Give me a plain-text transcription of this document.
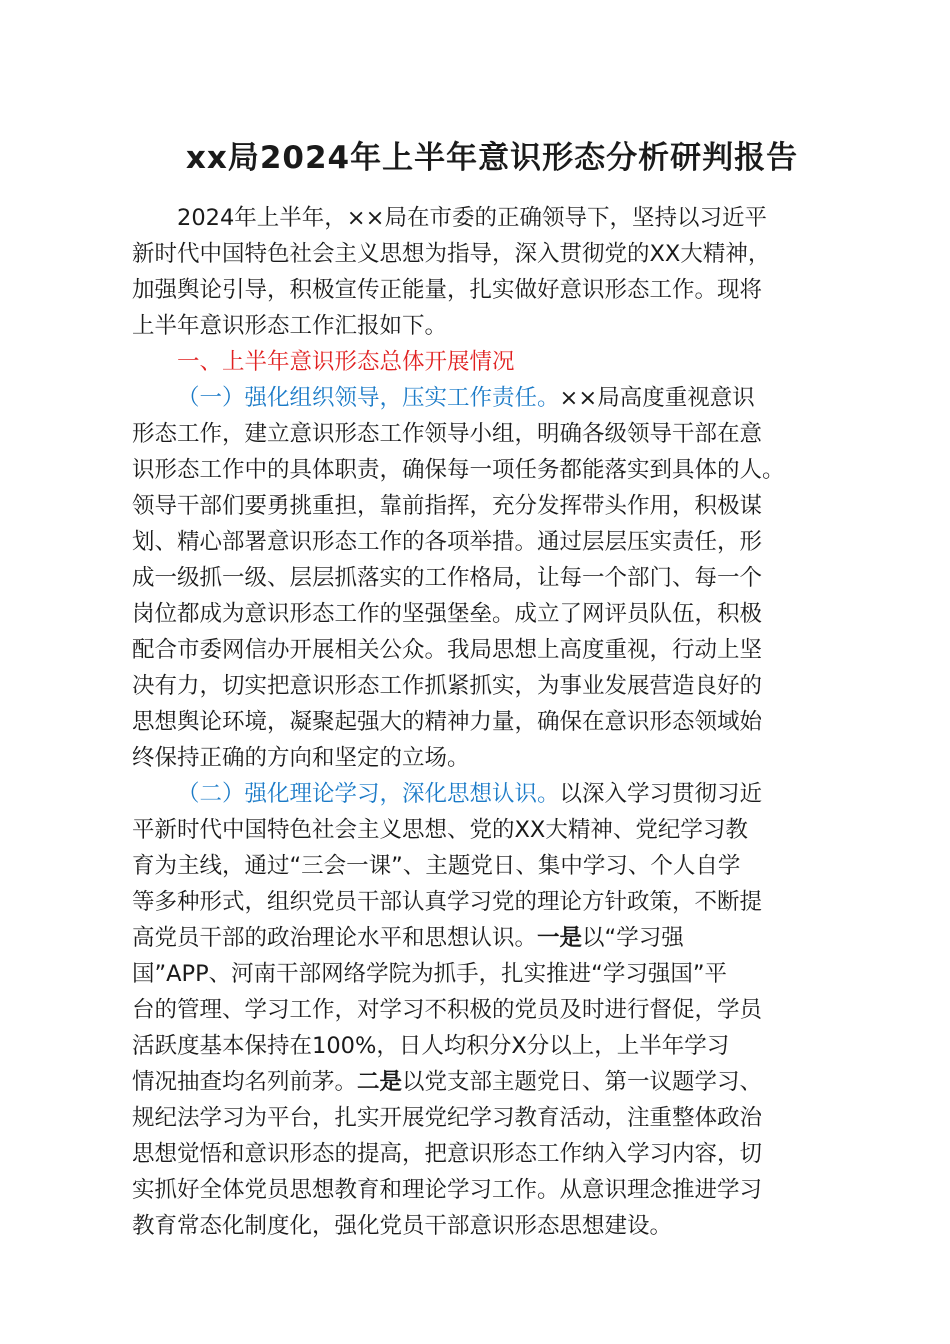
xx局2024年上半年意识形态分析研判报告
2024年上半年，××局在市委的正确领导下，坚持以习近平
新时代中国特色社会主义思想为指导，深入贯彻党的XX大精神，
加强舆论引导，积极宣传正能量，扎实做好意识形态工作。现将
上半年意识形态工作汇报如下。
一、上半年意识形态总体开展情况
（一）强化组织领导，压实工作责任。××局高度重视意识
形态工作，建立意识形态工作领导小组，明确各级领导干部在意
识形态工作中的具体职责，确保每一项任务都能落实到具体的人。
领导干部们要勇挑重担，靠前指挥，充分发挥带头作用，积极谋
划、精心部署意识形态工作的各项举措。通过层层压实责任，形
成一级抓一级、层层抓落实的工作格局，让每一个部门、每一个
岗位都成为意识形态工作的坚强堡垒。成立了网评员队伍，积极
配合市委网信办开展相关公众。我局思想上高度重视，行动上坚
决有力，切实把意识形态工作抓紧抓实，为事业发展营造良好的
思想舆论环境，凝聚起强大的精神力量，确保在意识形态领域始
终保持正确的方向和坚定的立场。
（二）强化理论学习，深化思想认识。以深入学习贯彻习近
平新时代中国特色社会主义思想、党的XX大精神、党纪学习教
育为主线，通过“三会一课”、主题党日、集中学习、个人自学
等多种形式，组织党员干部认真学习党的理论方针政策，不断提
高党员干部的政治理论水平和思想认识。一是以“学习强
国”APP、河南干部网络学院为抓手，扎实推进“学习强国”平
台的管理、学习工作，对学习不积极的党员及时进行督促，学员
活跃度基本保持在100%，日人均积分X分以上，上半年学习
情况抽查均名列前茅。二是以党支部主题党日、第一议题学习、
规纪法学习为平台，扎实开展党纪学习教育活动，注重整体政治
思想觉悟和意识形态的提高，把意识形态工作纳入学习内容，切
实抓好全体党员思想教育和理论学习工作。从意识理念推进学习
教育常态化制度化，强化党员干部意识形态思想建设。
